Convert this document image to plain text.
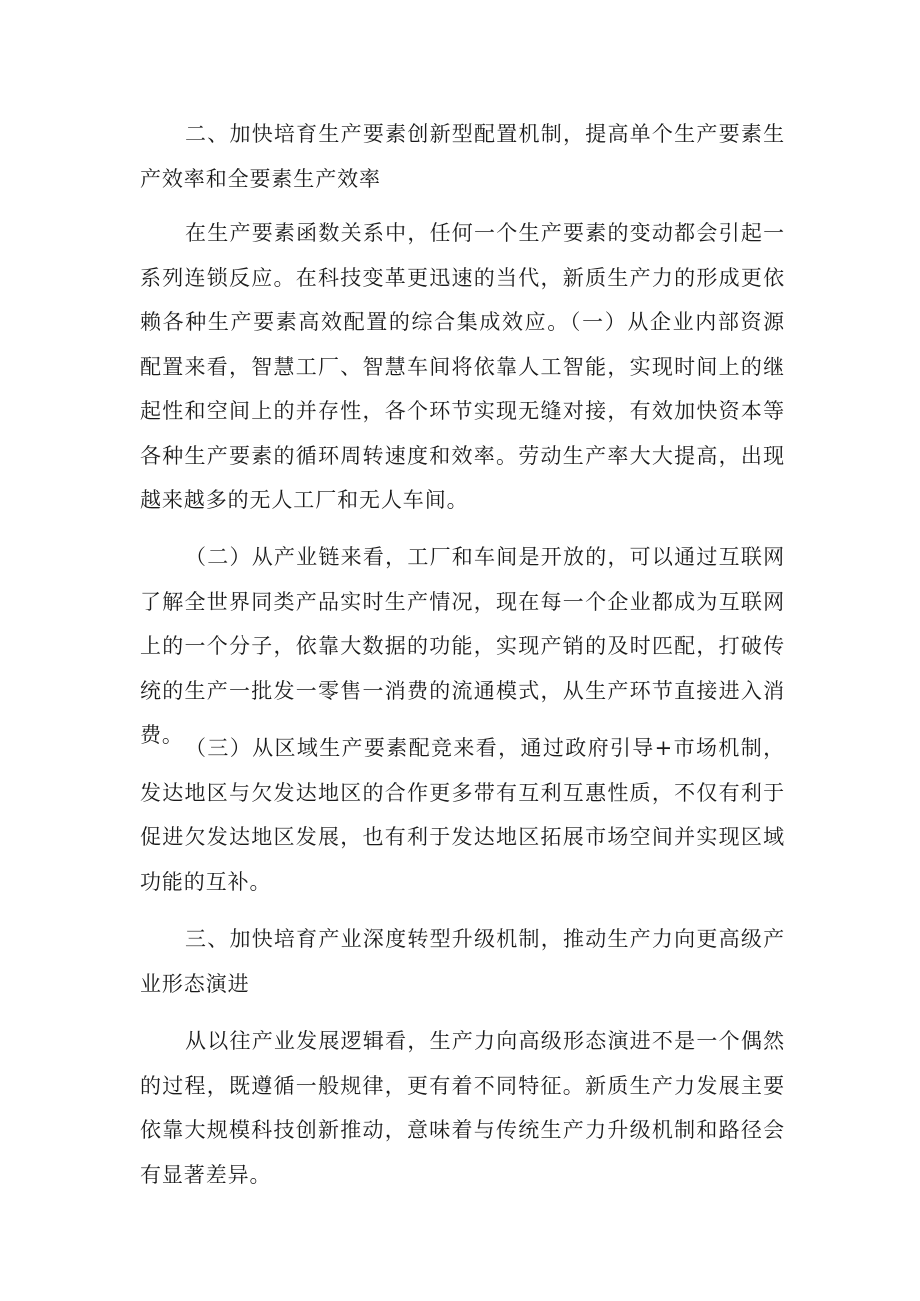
二、加快培育生产要素创新型配置机制，提高单个生产要素生产效率和全要素生产效率

在生产要素函数关系中，任何一个生产要素的变动都会引起一系列连锁反应。在科技变革更迅速的当代，新质生产力的形成更依赖各种生产要素高效配置的综合集成效应。（一）从企业内部资源配置来看，智慧工厂、智慧车间将依靠人工智能，实现时间上的继起性和空间上的并存性，各个环节实现无缝对接，有效加快资本等各种生产要素的循环周转速度和效率。劳动生产率大大提高，出现越来越多的无人工厂和无人车间。

（二）从产业链来看，工厂和车间是开放的，可以通过互联网了解全世界同类产品实时生产情况，现在每一个企业都成为互联网上的一个分子，依靠大数据的功能，实现产销的及时匹配，打破传统的生产一批发一零售一消费的流通模式，从生产环节直接进入消费。

（三）从区域生产要素配竞来看，通过政府引导+市场机制，发达地区与欠发达地区的合作更多带有互利互惠性质，不仅有利于促进欠发达地区发展，也有利于发达地区拓展市场空间并实现区域功能的互补。

三、加快培育产业深度转型升级机制，推动生产力向更高级产业形态演进

从以往产业发展逻辑看，生产力向高级形态演进不是一个偶然的过程，既遵循一般规律，更有着不同特征。新质生产力发展主要依靠大规模科技创新推动，意味着与传统生产力升级机制和路径会有显著差异。
